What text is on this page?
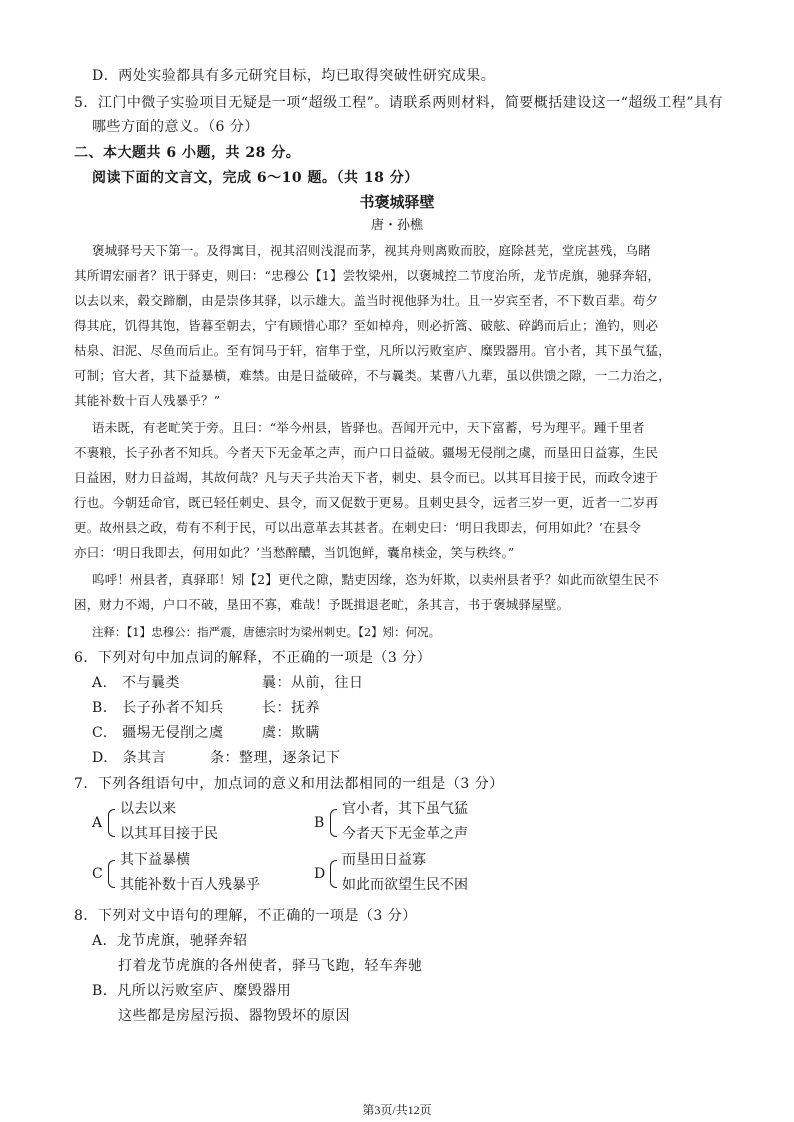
D．两处实验都具有多元研究目标，均已取得突破性研究成果。
5．江门中微子实验项目无疑是一项“超级工程”。请联系两则材料，简要概括建设这一“超级工程”具有
哪些方面的意义。（6 分）
二、本大题共 6 小题，共 28 分。
阅读下面的文言文，完成 6～10 题。（共 18 分）
书褒城驿壁
唐・孙樵
褒城驿号天下第一。及得寓目，视其沼则浅混而茅，视其舟则离败而胶，庭除甚芜，堂庑甚残，乌睹
其所谓宏丽者？讯于驿吏，则曰：“忠穆公【1】尝牧梁州，以褒城控二节度治所，龙节虎旗，驰驿奔轺，
以去以来，毂交蹄劘，由是崇侈其驿，以示雄大。盖当时视他驿为壮。且一岁宾至者，不下数百辈。苟夕
得其庇，饥得其饱，皆暮至朝去，宁有顾惜心耶？至如棹舟，则必折篙、破舷、碎鹢而后止；渔钓，则必
枯泉、汩泥、尽鱼而后止。至有饲马于轩，宿隼于堂，凡所以污败室庐、糜毁器用。官小者，其下虽气猛，
可制；官大者，其下益暴横，难禁。由是日益破碎，不与曩类。某曹八九辈，虽以供馈之隙，一二力治之，
其能补数十百人残暴乎？”
语未既，有老甿笑于旁。且曰：“举今州县，皆驿也。吾闻开元中，天下富蓄，号为理平。踵千里者
不裹粮，长子孙者不知兵。今者天下无金革之声，而户口日益破。疆埸无侵削之虞，而垦田日益寡，生民
日益困，财力日益竭，其故何哉？凡与天子共治天下者，刺史、县令而已。以其耳目接于民，而政令速于
行也。今朝廷命官，既已轻任刺史、县令，而又促数于更易。且刺史县令，远者三岁一更，近者一二岁再
更。故州县之政，苟有不利于民，可以出意革去其甚者。在刺史曰：‘明日我即去，何用如此？’在县令
亦曰：‘明日我即去，何用如此？’当愁醉醲，当饥饱鲜，囊帛椟金，笑与秩终。”
呜呼！州县者，真驿耶！矧【2】更代之隙，黠吏因缘，恣为奸欺，以卖州县者乎？如此而欲望生民不
困，财力不竭，户口不破，垦田不寡，难哉！予既揖退老甿，条其言，书于褒城驿屋壁。
注释：【1】忠穆公：指严震，唐德宗时为梁州刺史。【2】矧：何况。
6．下列对句中加点词的解释，不正确的一项是（3 分）
A.　不与曩类	曩：从前，往日
B.　长子孙者不知兵	长：抚养
C.　疆埸无侵削之虞	虞：欺瞒
D.　条其言	条：整理，逐条记下
7．下列各组语句中，加点词的意义和用法都相同的一组是（3 分）
A
以去以来
以其耳目接于民
B
官小者，其下虽气猛
今者天下无金革之声
C
其下益暴横
其能补数十百人残暴乎
D
而垦田日益寡
如此而欲望生民不困
8．下列对文中语句的理解，不正确的一项是（3 分）
A．龙节虎旗，驰驿奔轺
打着龙节虎旗的各州使者，驿马飞跑，轻车奔驰
B．凡所以污败室庐、糜毁器用
这些都是房屋污损、器物毁坏的原因
第3页/共12页
